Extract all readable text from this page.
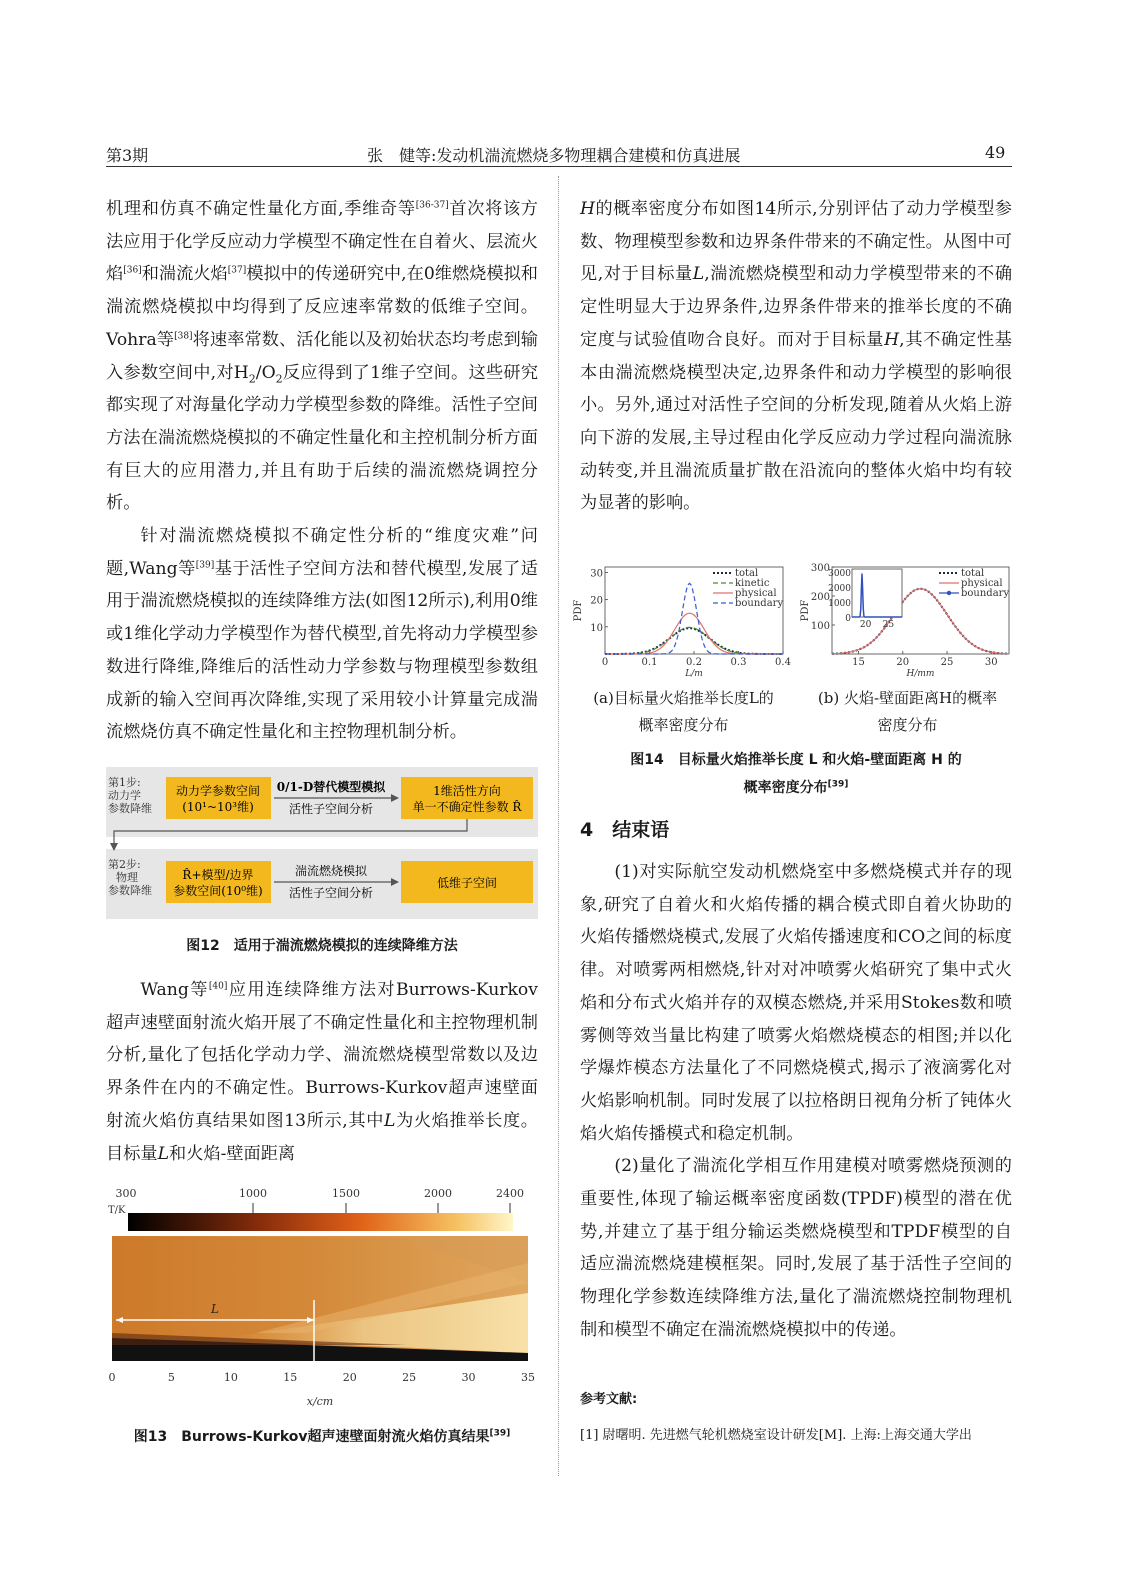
第3期	张　健等:发动机湍流燃烧多物理耦合建模和仿真进展	49

机理和仿真不确定性量化方面,季维奇等[36-37]首次将该方法应用于化学反应动力学模型不确定性在自着火、层流火焰[36]和湍流火焰[37]模拟中的传递研究中,在0维燃烧模拟和湍流燃烧模拟中均得到了反应速率常数的低维子空间。Vohra等[38]将速率常数、活化能以及初始状态均考虑到输入参数空间中,对$H_2/O_2$反应得到了1维子空间。这些研究都实现了对海量化学动力学模型参数的降维。活性子空间方法在湍流燃烧模拟的不确定性量化和主控机制分析方面有巨大的应用潜力,并且有助于后续的湍流燃烧调控分析。

针对湍流燃烧模拟不确定性分析的“维度灾难”问题,Wang等[39]基于活性子空间方法和替代模型,发展了适用于湍流燃烧模拟的连续降维方法(如图12所示),利用0维或1维化学动力学模型作为替代模型,首先将动力学模型参数进行降维,降维后的活性动力学参数与物理模型参数组成新的输入空间再次降维,实现了采用较小计算量完成湍流燃烧仿真不确定性量化和主控物理机制分析。

第1步:
动力学
参数降维
第2步:
物理
参数降维
动力学参数空间
(10¹~10³维)
0/1-D替代模型模拟
活性子空间分析
1维活性方向
单一不确定性参数 R̂
R̂+模型/边界
参数空间(10⁰维)
湍流燃烧模拟
活性子空间分析
低维子空间
图12　适用于湍流燃烧模拟的连续降维方法

Wang等[40]应用连续降维方法对Burrows-Kurkov超声速壁面射流火焰开展了不确定性量化和主控物理机制分析,量化了包括化学动力学、湍流燃烧模型常数以及边界条件在内的不确定性。Burrows-Kurkov超声速壁面射流火焰仿真结果如图13所示,其中L为火焰推举长度。目标量L和火焰-壁面距离

300	1000	1500	2000	2400
T/K
L
0	5	10	15	20	25	30	35
x/cm
图13　Burrows-Kurkov超声速壁面射流火焰仿真结果[39]

H的概率密度分布如图14所示,分别评估了动力学模型参数、物理模型参数和边界条件带来的不确定性。从图中可见,对于目标量L,湍流燃烧模型和动力学模型带来的不确定性明显大于边界条件,边界条件带来的推举长度的不确定度与试验值吻合良好。而对于目标量H,其不确定性基本由湍流燃烧模型决定,边界条件和动力学模型的影响很小。另外,通过对活性子空间的分析发现,随着从火焰上游向下游的发展,主导过程由化学反应动力学过程向湍流脉动转变,并且湍流质量扩散在沿流向的整体火焰中均有较为显著的影响。

0	0.1	0.2	0.3	0.4
10
20
30
L/m
PDF
total
kinetic
physical
boundary
15	20	25	30
100
200
300
H/mm
PDF	0
1000
2000
3000
20 25
total
physical
boundary
(a)目标量火焰推举长度L的
概率密度分布
(b) 火焰-壁面距离H的概率
密度分布
图14　目标量火焰推举长度 L 和火焰-壁面距离 H 的
概率密度分布[39]
4　结束语

(1)对实际航空发动机燃烧室中多燃烧模式并存的现象,研究了自着火和火焰传播的耦合模式即自着火协助的火焰传播燃烧模式,发展了火焰传播速度和CO之间的标度律。对喷雾两相燃烧,针对对冲喷雾火焰研究了集中式火焰和分布式火焰并存的双模态燃烧,并采用Stokes数和喷雾侧等效当量比构建了喷雾火焰燃烧模态的相图;并以化学爆炸模态方法量化了不同燃烧模式,揭示了液滴雾化对火焰影响机制。同时发展了以拉格朗日视角分析了钝体火焰火焰传播模式和稳定机制。

(2)量化了湍流化学相互作用建模对喷雾燃烧预测的重要性,体现了输运概率密度函数(TPDF)模型的潜在优势,并建立了基于组分输运类燃烧模型和TPDF模型的自适应湍流燃烧建模框架。同时,发展了基于活性子空间的物理化学参数连续降维方法,量化了湍流燃烧控制物理机制和模型不确定在湍流燃烧模拟中的传递。

参考文献:
[1] 尉曙明. 先进燃气轮机燃烧室设计研发[M]. 上海:上海交通大学出
